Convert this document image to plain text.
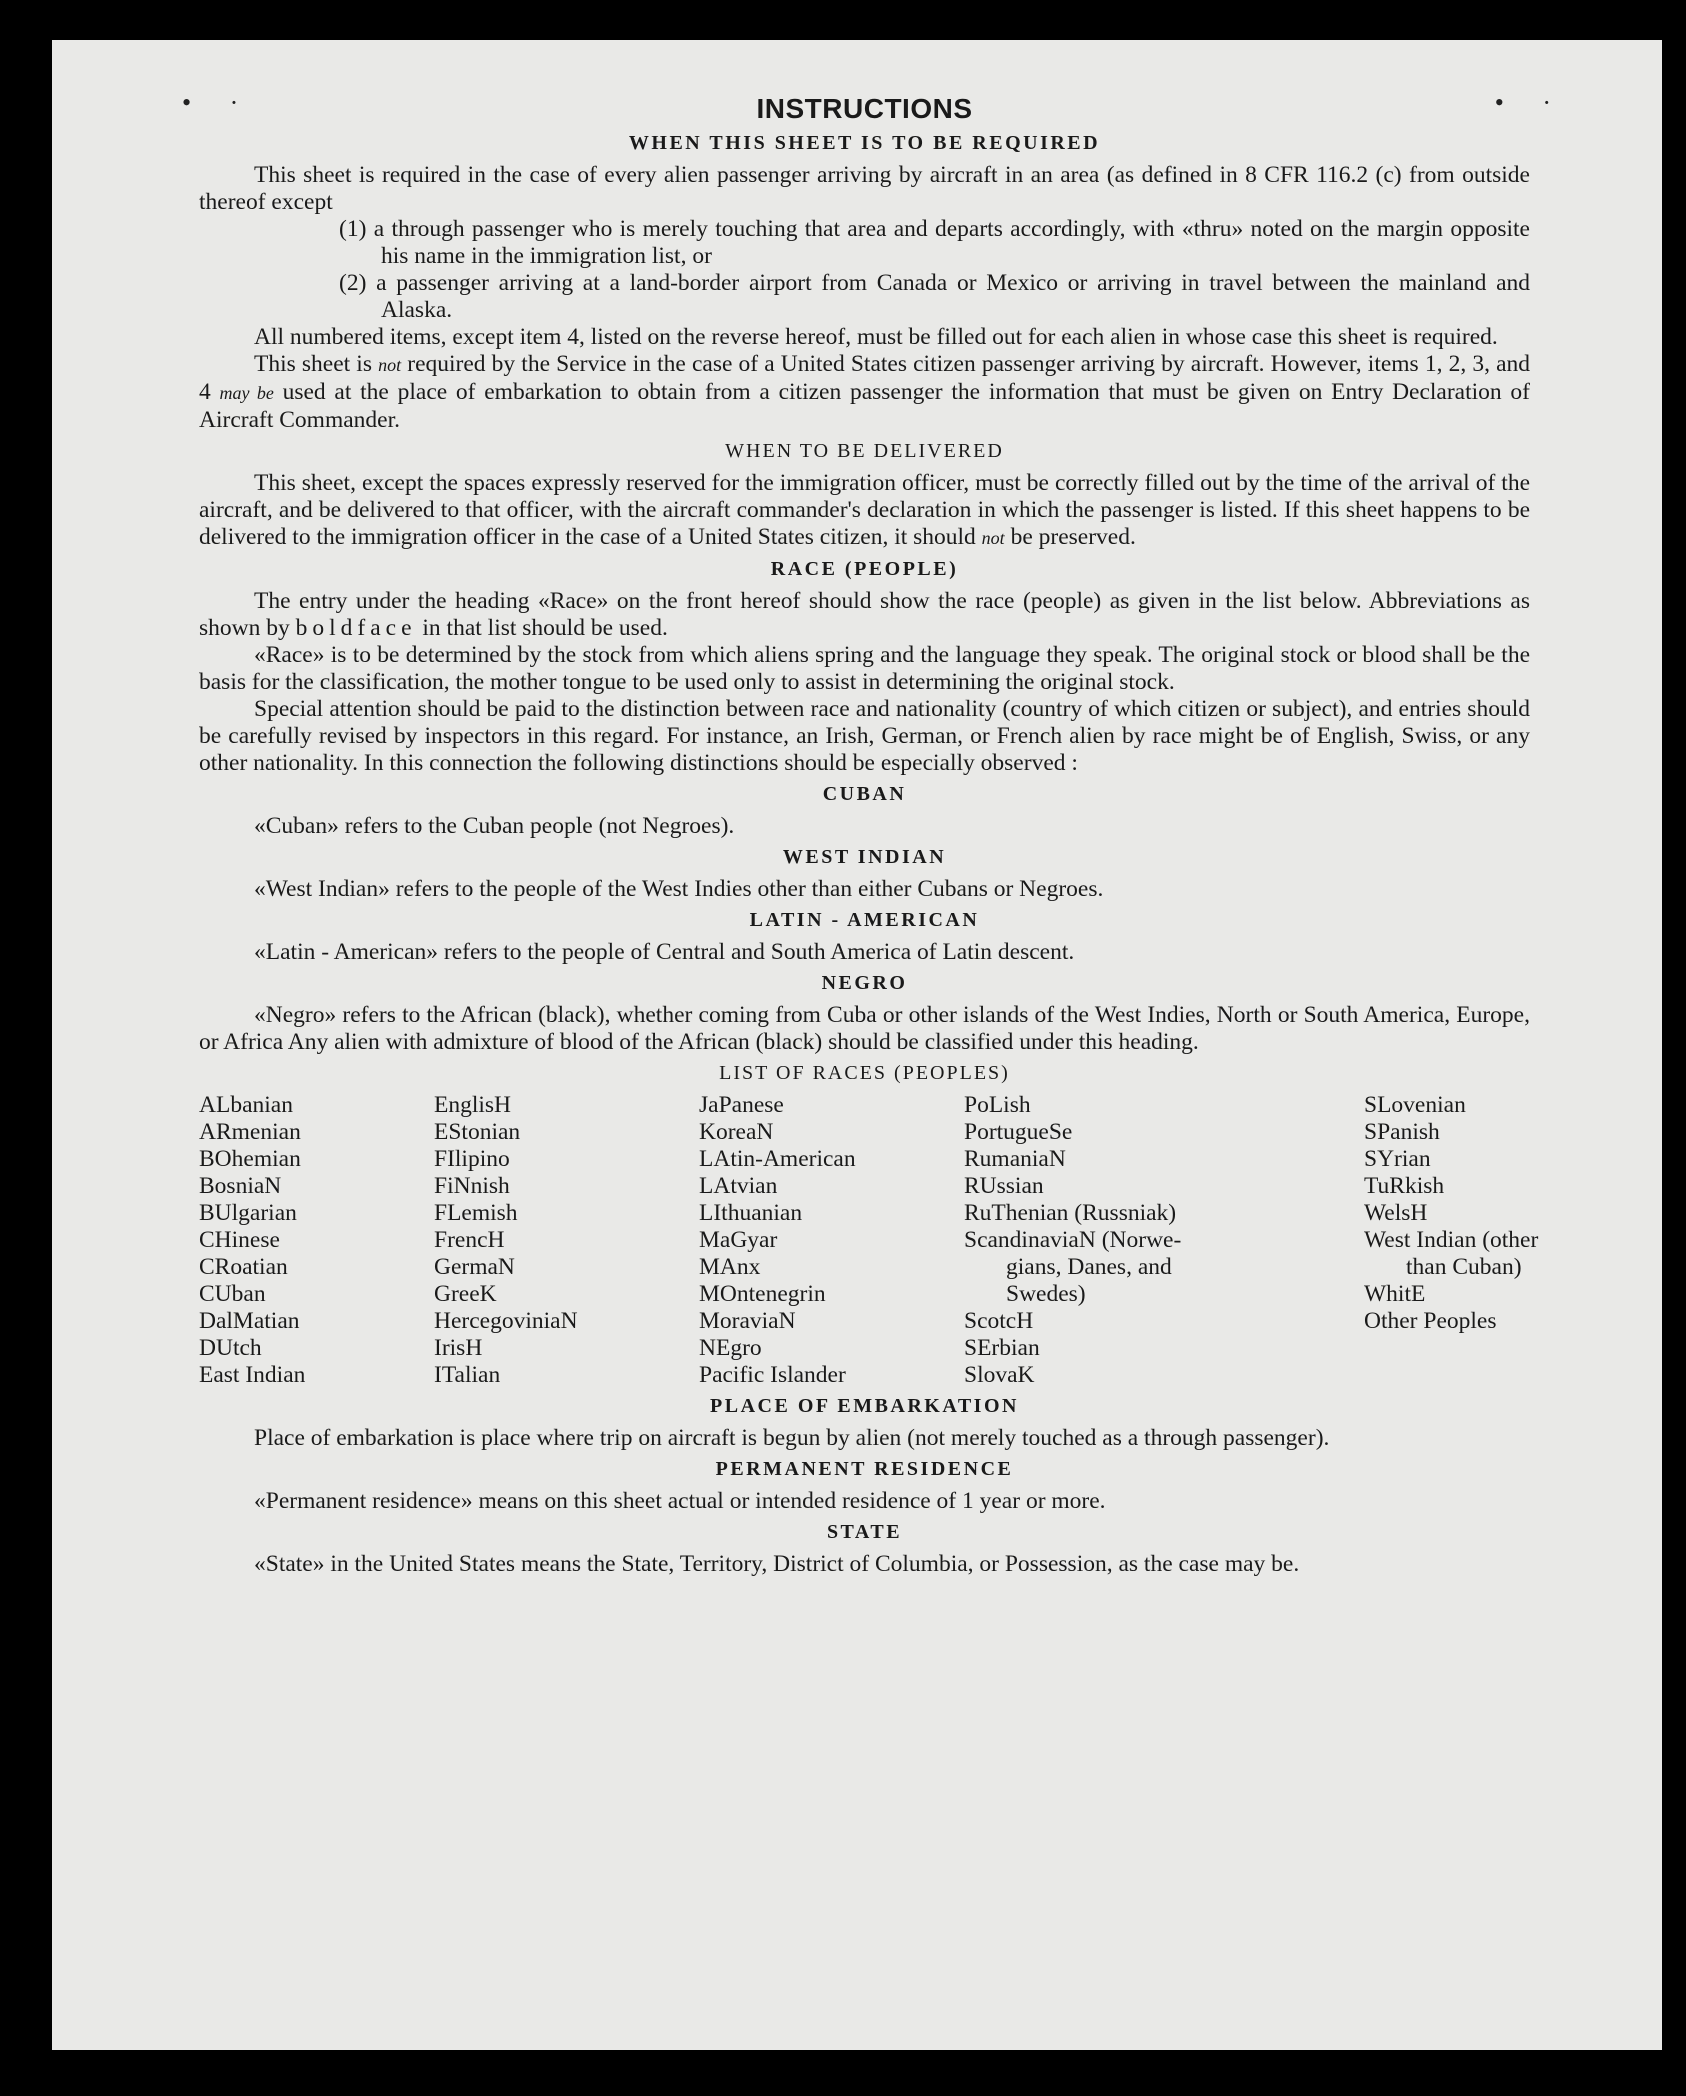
• ·	• ·
INSTRUCTIONS
WHEN THIS SHEET IS TO BE REQUIRED

This sheet is required in the case of every alien passenger arriving by aircraft in an area (as defined in 8 CFR 116.2 (c) from outside thereof except

(1) a through passenger who is merely touching that area and departs accordingly, with «thru» noted on the margin opposite his name in the immigration list, or

(2) a passenger arriving at a land-border airport from Canada or Mexico or arriving in travel between the mainland and Alaska.

All numbered items, except item 4, listed on the reverse hereof, must be filled out for each alien in whose case this sheet is required.

This sheet is not required by the Service in the case of a United States citizen passenger arriving by aircraft. However, items 1, 2, 3, and 4 may be used at the place of embarkation to obtain from a citizen passenger the information that must be given on Entry Declaration of Aircraft Commander.

WHEN TO BE DELIVERED

This sheet, except the spaces expressly reserved for the immigration officer, must be correctly filled out by the time of the arrival of the aircraft, and be delivered to that officer, with the aircraft commander's declaration in which the passenger is listed. If this sheet happens to be delivered to the immigration officer in the case of a United States citizen, it should not be preserved.

RACE (PEOPLE)

The entry under the heading «Race» on the front hereof should show the race (people) as given in the list below. Abbreviations as shown by boldface in that list should be used.

«Race» is to be determined by the stock from which aliens spring and the language they speak. The original stock or blood shall be the basis for the classification, the mother tongue to be used only to assist in determining the original stock.

Special attention should be paid to the distinction between race and nationality (country of which citizen or subject), and entries should be carefully revised by inspectors in this regard. For instance, an Irish, German, or French alien by race might be of English, Swiss, or any other nationality. In this connection the following distinctions should be especially observed :

CUBAN

«Cuban» refers to the Cuban people (not Negroes).

WEST INDIAN

«West Indian» refers to the people of the West Indies other than either Cubans or Negroes.

LATIN - AMERICAN

«Latin - American» refers to the people of Central and South America of Latin descent.

NEGRO

«Negro» refers to the African (black), whether coming from Cuba or other islands of the West Indies, North or South America, Europe, or Africa Any alien with admixture of blood of the African (black) should be classified under this heading.

LIST OF RACES (PEOPLES)
ALbanian
ARmenian
BOhemian
BosniaN
BUlgarian
CHinese
CRoatian
CUban
DalMatian
DUtch
East Indian
EnglisH
EStonian
FIlipino
FiNnish
FLemish
FrencH
GermaN
GreeK
HercegovinіaN
IrisH
ITalian
JaPanese
KoreaN
LAtin-American
LAtvian
LIthuanian
MaGyar
MAnx
MOntenegrin
MoraviaN
NEgro
Pacific Islander
PoLish
PortugueSe
RumaniaN
RUssian
RuThenian (Russniak)
ScandinaviaN (Norwe-
gians, Danes, and
Swedes)
ScotcH
SErbian
SlovaK
SLovenian
SPanish
SYrian
TuRkish
WelsH
West Indian (other
than Cuban)
WhitE
Other Peoples
PLACE OF EMBARKATION

Place of embarkation is place where trip on aircraft is begun by alien (not merely touched as a through passenger).

PERMANENT RESIDENCE

«Permanent residence» means on this sheet actual or intended residence of 1 year or more.

STATE

«State» in the United States means the State, Territory, District of Columbia, or Possession, as the case may be.
